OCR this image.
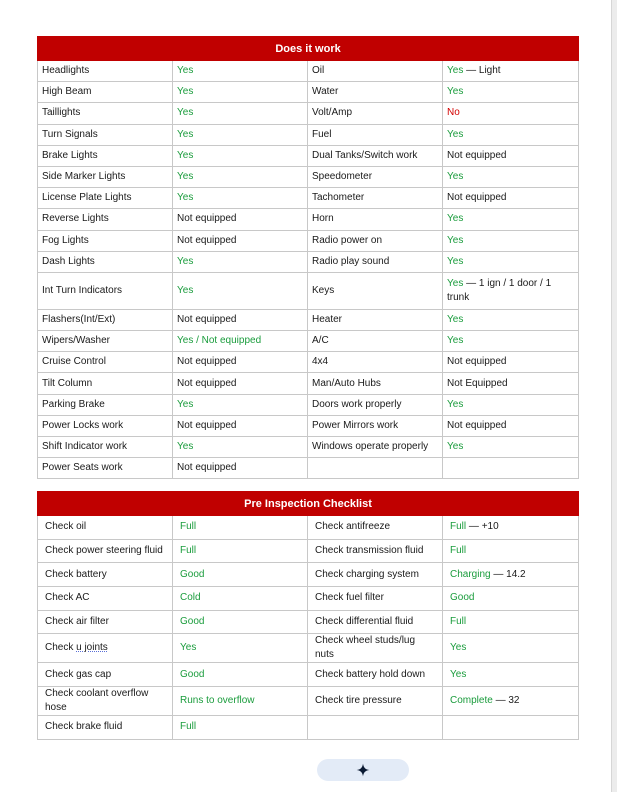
Does it work			
Headlights	Yes	Oil	Yes — Light
High Beam	Yes	Water	Yes
Taillights	Yes	Volt/Amp	No
Turn Signals	Yes	Fuel	Yes
Brake Lights	Yes	Dual Tanks/Switch work	Not equipped
Side Marker Lights	Yes	Speedometer	Yes
License Plate Lights	Yes	Tachometer	Not equipped
Reverse Lights	Not equipped	Horn	Yes
Fog Lights	Not equipped	Radio power on	Yes
Dash Lights	Yes	Radio play sound	Yes
Int Turn Indicators	Yes	Keys	Yes — 1 ign / 1 door / 1 trunk
Flashers(Int/Ext)	Not equipped	Heater	Yes
Wipers/Washer	Yes / Not equipped	A/C	Yes
Cruise Control	Not equipped	4x4	Not equipped
Tilt Column	Not equipped	Man/Auto Hubs	Not Equipped
Parking Brake	Yes	Doors work properly	Yes
Power Locks work	Not equipped	Power Mirrors work	Not equipped
Shift Indicator work	Yes	Windows operate properly	Yes
Power Seats work	Not equipped		
Pre Inspection Checklist			
Check oil	Full	Check antifreeze	Full — +10
Check power steering fluid	Full	Check transmission fluid	Full
Check battery	Good	Check charging system	Charging — 14.2
Check AC	Cold	Check fuel filter	Good
Check air filter	Good	Check differential fluid	Full
Check u joints	Yes	Check wheel studs/lug nuts	Yes
Check gas cap	Good	Check battery hold down	Yes
Check coolant overflow hose	Runs to overflow	Check tire pressure	Complete — 32
Check brake fluid	Full		
